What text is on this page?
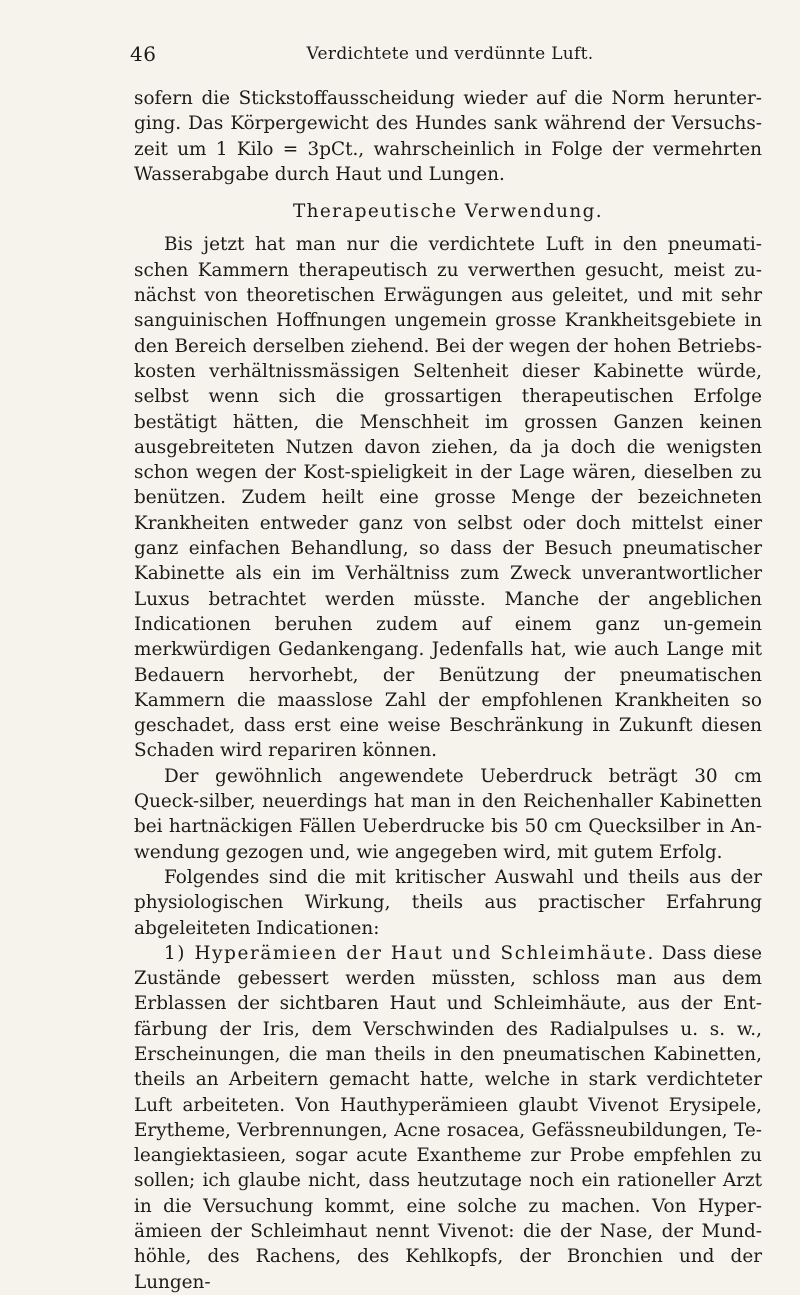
46	Verdichtete und verdünnte Luft.

sofern die Stickstoffausscheidung wieder auf die Norm herunter-ging. Das Körpergewicht des Hundes sank während der Versuchs-zeit um 1 Kilo = 3pCt., wahrscheinlich in Folge der vermehrten Wasserabgabe durch Haut und Lungen.

Therapeutische Verwendung.

Bis jetzt hat man nur die verdichtete Luft in den pneumati-schen Kammern therapeutisch zu verwerthen gesucht, meist zu-nächst von theoretischen Erwägungen aus geleitet, und mit sehr sanguinischen Hoffnungen ungemein grosse Krankheitsgebiete in den Bereich derselben ziehend. Bei der wegen der hohen Betriebs-kosten verhältnissmässigen Seltenheit dieser Kabinette würde, selbst wenn sich die grossartigen therapeutischen Erfolge bestätigt hätten, die Menschheit im grossen Ganzen keinen ausgebreiteten Nutzen davon ziehen, da ja doch die wenigsten schon wegen der Kost-spieligkeit in der Lage wären, dieselben zu benützen. Zudem heilt eine grosse Menge der bezeichneten Krankheiten entweder ganz von selbst oder doch mittelst einer ganz einfachen Behandlung, so dass der Besuch pneumatischer Kabinette als ein im Verhältniss zum Zweck unverantwortlicher Luxus betrachtet werden müsste. Manche der angeblichen Indicationen beruhen zudem auf einem ganz un-gemein merkwürdigen Gedankengang. Jedenfalls hat, wie auch Lange mit Bedauern hervorhebt, der Benützung der pneumatischen Kammern die maasslose Zahl der empfohlenen Krankheiten so geschadet, dass erst eine weise Beschränkung in Zukunft diesen Schaden wird repariren können.

Der gewöhnlich angewendete Ueberdruck beträgt 30 cm Queck-silber, neuerdings hat man in den Reichenhaller Kabinetten bei hartnäckigen Fällen Ueberdrucke bis 50 cm Quecksilber in An-wendung gezogen und, wie angegeben wird, mit gutem Erfolg.

Folgendes sind die mit kritischer Auswahl und theils aus der physiologischen Wirkung, theils aus practischer Erfahrung abgeleiteten Indicationen:

1) Hyperämieen der Haut und Schleimhäute. Dass diese Zustände gebessert werden müssten, schloss man aus dem Erblassen der sichtbaren Haut und Schleimhäute, aus der Ent-färbung der Iris, dem Verschwinden des Radialpulses u. s. w., Erscheinungen, die man theils in den pneumatischen Kabinetten, theils an Arbeitern gemacht hatte, welche in stark verdichteter Luft arbeiteten. Von Hauthyperämieen glaubt Vivenot Erysipele, Erytheme, Verbrennungen, Acne rosacea, Gefässneubildungen, Te-leangiektasieen, sogar acute Exantheme zur Probe empfehlen zu sollen; ich glaube nicht, dass heutzutage noch ein rationeller Arzt in die Versuchung kommt, eine solche zu machen. Von Hyper-ämieen der Schleimhaut nennt Vivenot: die der Nase, der Mund-höhle, des Rachens, des Kehlkopfs, der Bronchien und der Lungen-
